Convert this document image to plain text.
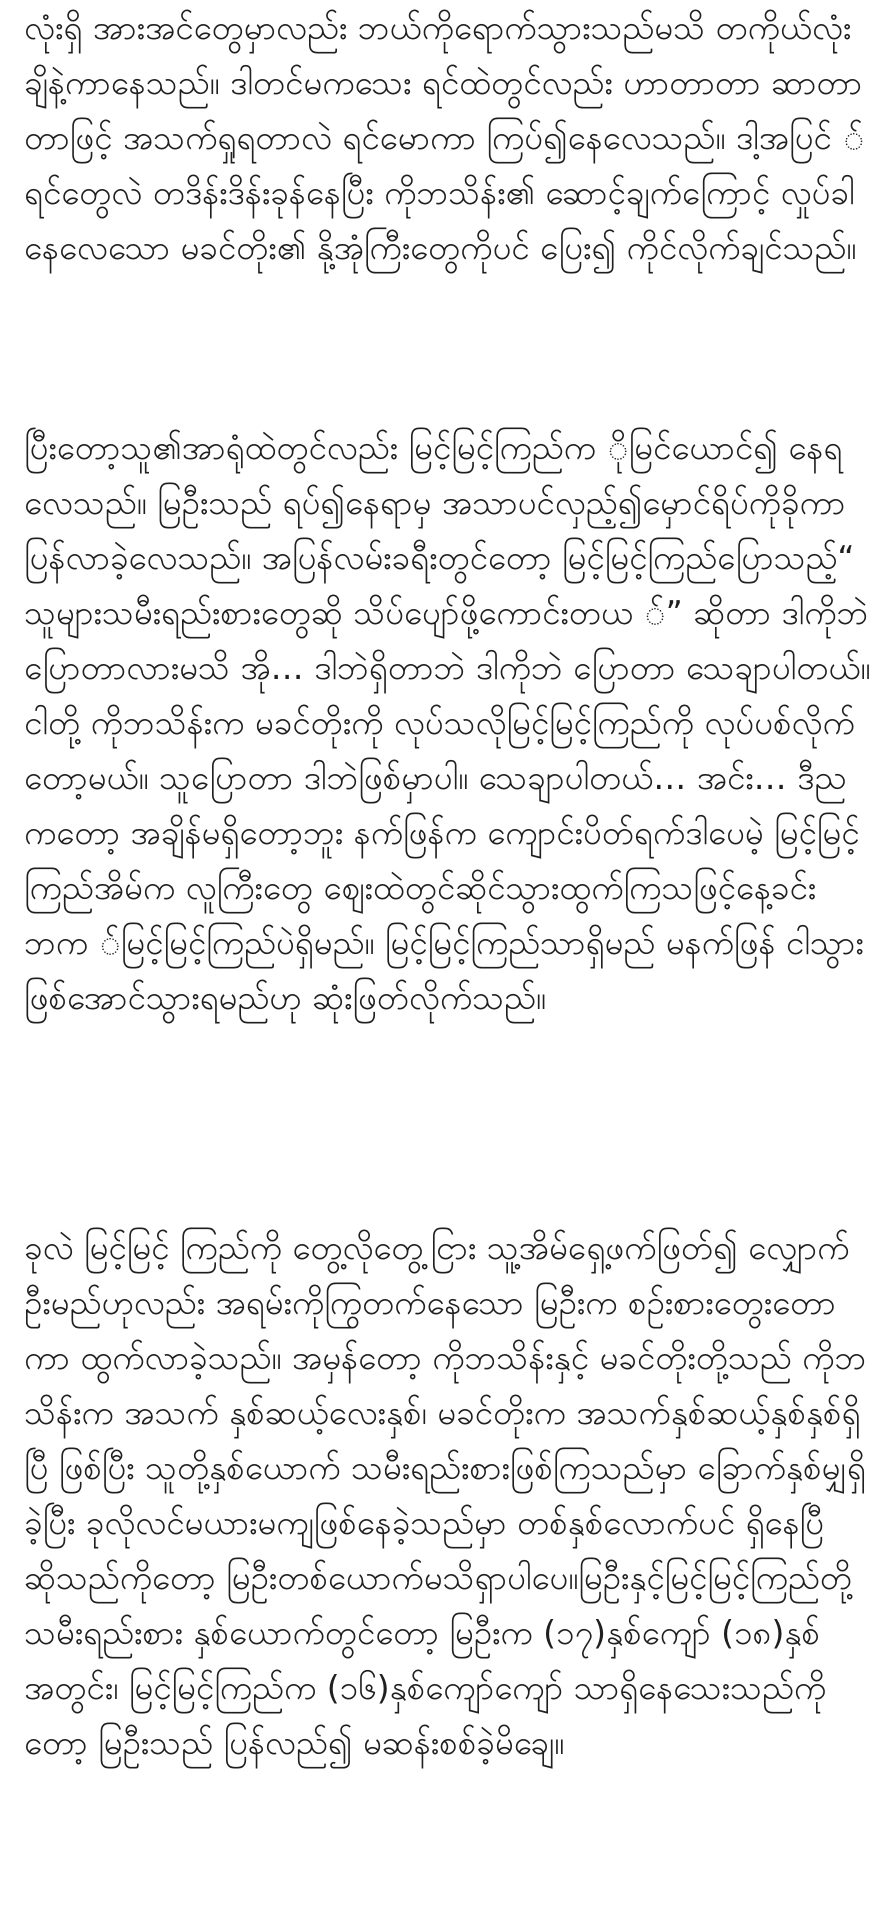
လုံးရှိ အားအင်တွေမှာလည်း ဘယ်ကိုရောက်သွားသည်မသိ တကိုယ်လုံးချိနဲ့ကာနေသည်။ ဒါတင်မကသေး ရင်ထဲတွင်လည်း ဟာတာတာ ဆာတာတာဖြင့် အသက်ရှုရတာလဲ ရင်မောကာ ကြပ်၍နေလေသည်။ ဒါ့အပြင် ်ရင်တွေလဲ တဒိန်းဒိန်းခုန်နေပြီး ကိုဘသိန်း၏ ဆောင့်ချက်ကြောင့် လှုပ်ခါနေလေသော မခင်တိုး၏ နို့အုံကြီးတွေကိုပင် ပြေး၍ ကိုင်လိုက်ချင်သည်။

ပြီးတော့သူ၏အာရုံထဲတွင်လည်း မြင့်မြင့်ကြည်က ိုမြင်ယောင်၍ နေရလေသည်။ မြဦးသည် ရပ်၍နေရာမှ အသာပင်လှည့်၍မှောင်ရိပ်ကိုခိုကာ ပြန်လာခဲ့လေသည်။ အပြန်လမ်းခရီးတွင်တော့ မြင့်မြင့်ကြည်ပြောသည့်“ သူများသမီးရည်းစားတွေဆို သိပ်ပျော်ဖို့ကောင်းတယ ်” ဆိုတာ ဒါကိုဘဲ ပြောတာလားမသိ အို… ဒါဘဲရှိတာဘဲ ဒါကိုဘဲ ပြောတာ သေချာပါတယ်။ ငါတို့ ကိုဘသိန်းက မခင်တိုးကို လုပ်သလိုမြင့်မြင့်ကြည်ကို လုပ်ပစ်လိုက်တော့မယ်။ သူပြောတာ ဒါဘဲဖြစ်မှာပါ။ သေချာပါတယ်… အင်း… ဒီညကတော့ အချိန်မရှိတော့ဘူး နက်ဖြန်က ကျောင်းပိတ်ရက်ဒါပေမဲ့ မြင့်မြင့်ကြည်အိမ်က လူကြီးတွေ ဈေးထဲတွင်ဆိုင်သွားထွက်ကြသဖြင့်နေ့ခင်း ဘက ်မြင့်မြင့်ကြည်ပဲရှိမည်။ မြင့်မြင့်ကြည်သာရှိမည် မနက်ဖြန် ငါသွားဖြစ်အောင်သွားရမည်ဟု ဆုံးဖြတ်လိုက်သည်။

ခုလဲ မြင့်မြင့် ကြည်ကို တွေ့လိုတွေ့ငြား သူ့အိမ်ရှေ့ဖက်ဖြတ်၍ လျှောက်ဦးမည်ဟုလည်း အရမ်းကိုကြွတက်နေသော မြဦးက စဉ်းစားတွေးတောကာ ထွက်လာခဲ့သည်။ အမှန်တော့ ကိုဘသိန်းနှင့် မခင်တိုးတို့သည် ကိုဘသိန်းက အသက် နှစ်ဆယ့်လေးနှစ်၊ မခင်တိုးက အသက်နှစ်ဆယ့်နှစ်နှစ်ရှိပြီ ဖြစ်ပြီး သူတို့နှစ်ယောက် သမီးရည်းစားဖြစ်ကြသည်မှာ ခြောက်နှစ်မျှရှိခဲ့ပြီး ခုလိုလင်မယားမကျဖြစ်နေခဲ့သည်မှာ တစ်နှစ်လောက်ပင် ရှိနေပြီဆိုသည်ကိုတော့ မြဦးတစ်ယောက်မသိရှာပါပေ။မြဦးနှင့်မြင့်မြင့်ကြည်တို့ သမီးရည်းစား နှစ်ယောက်တွင်တော့ မြဦးက (၁၇)နှစ်ကျော် (၁၈)နှစ်အတွင်း၊ မြင့်မြင့်ကြည်က (၁၆)နှစ်ကျော်ကျော် သာရှိနေသေးသည်ကိုတော့ မြဦးသည် ပြန်လည်၍ မဆန်းစစ်ခဲ့မိချေ။
